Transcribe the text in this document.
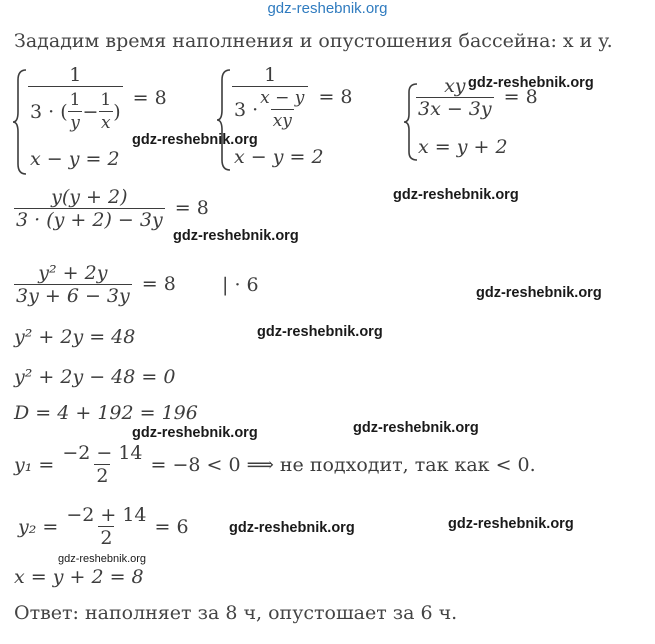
gdz-reshebnik.org
Зададим время наполнения и опустошения бассейна: x и y.
1
3 · ( $\frac{1}{y} - \frac{1}{x}$ )
= 8
x − y = 2
$\frac{1}{3 \cdot \frac{x - y}{xy}} = 8$
x − y = 2
$\frac{xy}{3x - 3y} = 8$
x = y + 2
$\frac{y(y + 2)}{3 \cdot (y + 2) - 3y} = 8$
$\frac{\text{y² + 2y}}{3y + 6 - 3y} = 8$ | · 6
y² + 2y = 48
y² + 2y − 48 = 0
D = 4 + 192 = 196
$y_1 = \frac{-2 - 14}{2} = -8 < 0$ ⟹ не подходит, так как < 0.
$y_2 = \frac{-2 + 14}{2} = 6$
x = y + 2 = 8
Ответ: наполняет за 8 ч, опустошает за 6 ч.
gdz-reshebnik.org
gdz-reshebnik.org
gdz-reshebnik.org
gdz-reshebnik.org
gdz-reshebnik.org
gdz-reshebnik.org
gdz-reshebnik.org	gdz-reshebnik.org
gdz-reshebnik.org	gdz-reshebnik.org
gdz-reshebnik.org
